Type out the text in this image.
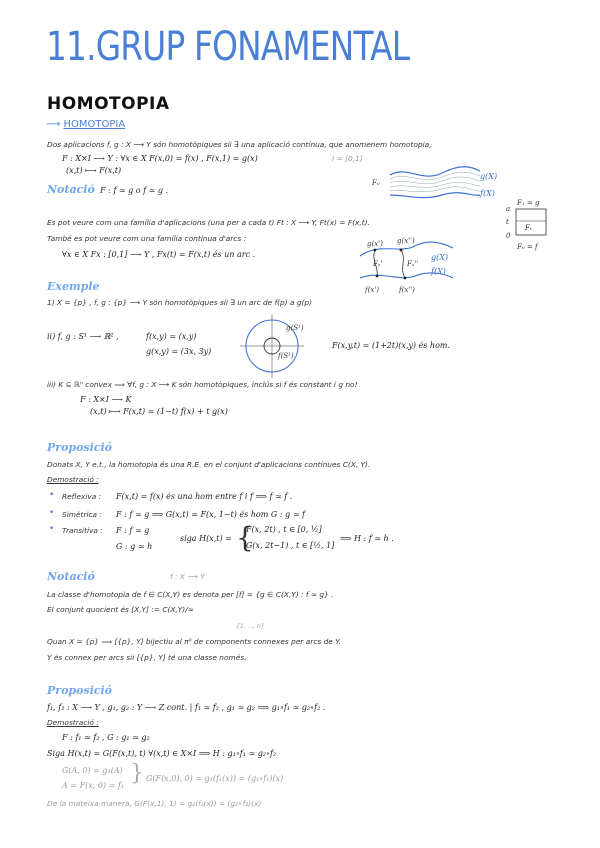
11.GRUP FONAMENTAL
HOMOTOPIA
⟶ HOMOTOPIA
Dos aplicacions f, g : X ⟶ Y són homotòpiques sii ∃ una aplicació contínua, que anomenem homotopia,
F : X×I ⟶ Y : ∀x ∈ X F(x,0) = f(x) , F(x,1) = g(x)	I = [0,1]
(x,t) ⟼ F(x,t)
Notació F : f ≃ g o f ≃ g .
F₀
g(X)
f(X)
F₁ = g
Fₜ
F₀ = f
a
t
0
Es pot veure com una família d'aplicacions (una per a cada t) Ft : X ⟶ Y, Ft(x) = F(x,t).
També es pot veure com una família contínua d'arcs :
∀x ∈ X Fx : [0,1] ⟶ Y , Fx(t) = F(x,t) és un arc .
g(x') g(x'')
f(x')	f(x'')
Fₓ'	Fₓ''
g(X)
f(X)
Exemple
1) X = {p} , f, g : {p} ⟶ Y són homotòpiques sii ∃ un arc de f(p) a g(p)
ii) f, g : S¹ ⟶ ℝ² ,	f(x,y) = (x,y)
g(x,y) = (3x, 3y)
F(x,y,t) = (1+2t)(x,y) és hom.
g(S¹)
f(S¹)
iii) K ⊆ ℝⁿ convex ⟹ ∀f, g : X ⟶ K són homotòpiques, inclús si f és constant i g no!
F : X×I ⟶ K
(x,t) ⟼ F(x,t) = (1−t) f(x) + t g(x)
Proposició
Donats X, Y e.t., la homotopia és una R.E. en el conjunt d'aplicacions contínues C(X, Y).
Demostració :
• Reflexiva : F(x,t) = f(x) és una hom entre f i f ⟹ f ≃ f .
• Simètrica : F : f ≃ g ⟹ G(x,t) = F(x, 1−t) és hom G : g ≃ f
• Transitiva : F : f ≃ g
G : g ≃ h
siga H(x,t) = {
F(x, 2t) , t ∈ [0, ½]
G(x, 2t−1) , t ∈ [½, 1]
⟹ H : f ≃ h .
Notació	f : X ⟶ Y
La classe d'homotopia de f ∈ C(X,Y) es denota per [f] = {g ∈ C(X,Y) : f ≃ g} .
El conjunt quocient és [X,Y] := C(X,Y)/≃
{1, ..., n}
Quan X = {p} ⟹ [{p}, Y] bijectiu al π⁰ de components connexes per arcs de Y.
Y és connex per arcs sii [{p}, Y] té una classe només.
Proposició
f₁, f₂ : X ⟶ Y , g₁, g₂ : Y ⟶ Z cont. | f₁ ≃ f₂ , g₁ ≃ g₂ ⟹ g₁∘f₁ ≃ g₂∘f₂ .
Demostració :
F : f₁ ≃ f₂ , G : g₁ ≃ g₂
Siga H(x,t) = G(F(x,t), t) ∀(x,t) ∈ X×I ⟹ H : g₁∘f₁ ≃ g₂∘f₂
G(A, 0) = g₁(A)
A = F(x, 0) = f₁ } G(F(x,0), 0) = g₁(f₁(x)) = (g₁∘f₁)(x)
De la mateixa manera, G(F(x,1), 1) = g₂(f₂(x)) = (g₂∘f₂)(x)
